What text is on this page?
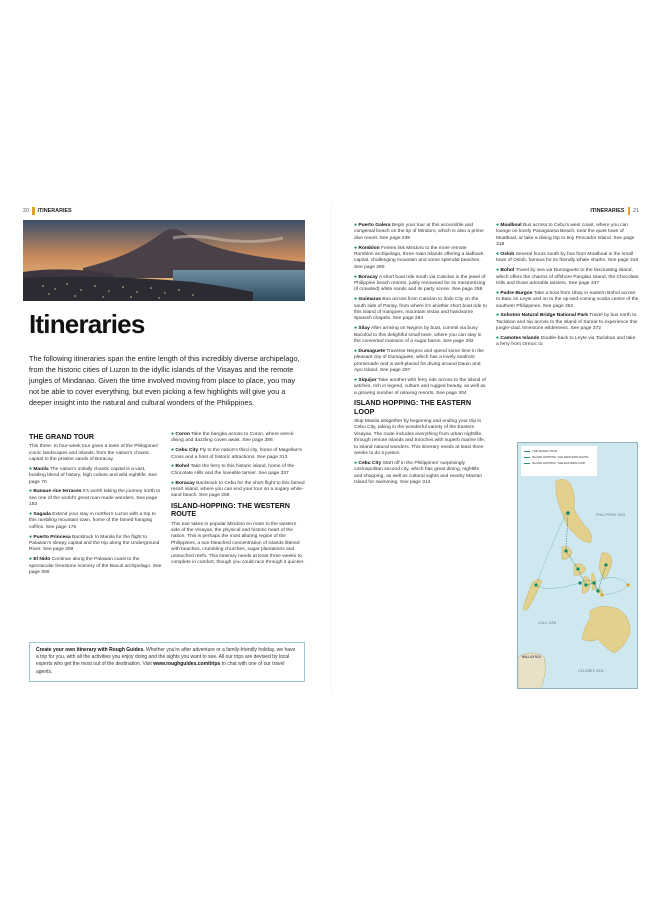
20 ITINERARIES
Itineraries

The following itineraries span the entire length of this incredibly diverse archipelago, from the historic cities of Luzon to the idyllic islands of the Visayas and the remote jungles of Mindanao. Given the time involved moving from place to place, you may not be able to cover everything, but even picking a few highlights will give you a deeper insight into the natural and cultural wonders of the Philippines.

THE GRAND TOUR

This three- to four-week tour gives a taste of the Philippines' iconic landscapes and islands, from the nation's chaotic capital to the pristine sands of Boracay.

● Manila The nation's initially chaotic capital is a vast, bustling blend of history, high culture and wild nightlife. See page 70

● Banaue rice terraces It's worth taking the journey north to see one of the world's great man-made wonders. See page 183

● Sagada Extend your stay in northern Luzon with a trip to this rambling mountain town, home of the famed hanging coffins. See page 176

● Puerto Princesa Backtrack to Manila for the flight to Palawan's sleepy capital and the trip along the Underground River. See page 309

● El Nido Continue along the Palawan coast to the spectacular limestone scenery of the Bacuit archipelago. See page 300

● Coron Take the bangka across to Coron, where wreck-diving and dazzling coves await. See page 386

● Cebu City Fly to the nation's third city, home of Magellan's Cross and a host of historic attractions. See page 313

● Bohol Take the ferry to this historic island, home of the Chocolate Hills and the loveable tarsier. See page 337

● Boracay Backtrack to Cebu for the short flight to this famed resort island, where you can end your tour on a sugary white-sand beach. See page 258

ISLAND-HOPPING: THE WESTERN ROUTE

This tour takes in popular Mindoro en route to the western side of the Visayas, the physical and historic heart of the nation. This is perhaps the most alluring region of the Philippines, a sun-bleached concentration of islands littered with beaches, crumbling churches, sugar plantations and untouched reefs. This itinerary needs at least three weeks to complete in comfort, though you could race through it quicker.

Create your own itinerary with Rough Guides. Whether you're after adventure or a family-friendly holiday, we have a trip for you, with all the activities you enjoy doing and the sights you want to see. All our trips are devised by local experts who get the most out of the destination. Visit www.roughguides.com/trips to chat with one of our travel agents.
ITINERARIES 21

● Puerto Galera Begin your tour at this accessible and congenial beach on the tip of Mindoro, which is also a prime dive resort. See page 239

● Romblon Ferries link Mindoro to the more remote Romblon archipelago, three main islands offering a laidback capital, challenging mountain and some splendid beaches. See page 260

● Boracay A short boat ride south via Caticlan is the jewel of Philippine beach resorts, justly renowned for its mesmerizing (if crowded) white sands and its party scene. See page 258

● Guimaras Bus across from Caticlan to Iloilo City on the south side of Panay, from where it's another short boat ride to this island of mangoes, mountain vistas and handsome Spanish chapels. See page 284

● Silay After arriving on Negros by boat, commit via busy Bacolod to this delightful small town, where you can stay in the converted mansion of a sugar baron. See page 292

● Dumaguete Traverse Negros and spend some time in the pleasant city of Dumaguete, which has a lovely seafront promenade and is well-placed for diving around Dauin and Apo Island. See page 297

● Siquijor Take another with ferry ride across to the island of witches, rich in legend, culture and rugged beauty, as well as a growing number of relaxing resorts. See page 304

ISLAND HOPPING: THE EASTERN LOOP

Skip Manila altogether by beginning and ending your trip in Cebu City, taking in the wonderful variety of the Eastern Visayas. The route includes everything from urban nightlife, through remote islands and trooches with superb marine life, to inland natural wonders. This itinerary needs at least three weeks to do it justice.

● Cebu City Start off in the Philippines' surprisingly cosmopolitan second city, which has great dining, nightlife and shopping, as well as cultural sights and nearby Mactan Island for swimming. See page 313

● Moalboal Bus across to Cebu's west coast, where you can lounge on lovely Panagsama Beach, near the quiet town of Moalboal, or take a diving trip to tiny Pescador Island. See page 318

● Oslob Several hours south by bus from Moalboal is the small town of Oslob, famous for its friendly whale sharks. See page 316

● Bohol Travel by sea via Dumaguete to the fascinating island, which offers the charms of offshore Panglao Island, the Chocolate Hills and those adorable tarsiers. See page 337

● Padre Burgos Take a boat from Ubay in eastern Bohol across to Bato on Leyte and on to the up-and-coming scuba centre of the southern Philippines. See page 362

● Sohoton Natural Bridge National Park Travel by bus north to Tacloban and nip across to the island of Samar to experience this jungle-clad, limestone wilderness. See page 372

● Camotes Islands Double-back to Leyte via Tacloban and take a ferry from Ormoc to

THE GRAND TOUR
ISLAND-HOPPING: THE WESTERN ROUTE
ISLAND HOPPING: THE EASTERN LOOP
PHILIPPINE SEA
SULU SEA
CELEBES SEA
MALAYSIA
